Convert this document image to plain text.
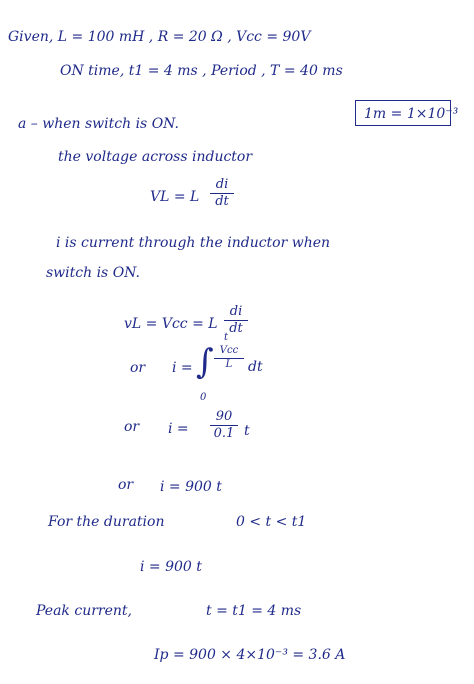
Given, L = 100 mH , R = 20 Ω , Vcc = 90V
ON time, t1 = 4 ms , Period , T = 40 ms
1m = 1×10⁻³
a – when switch is ON.
the voltage across inductor
VL = L
di
dt
i is current through the inductor when
switch is ON.
vL = Vcc = L
di
dt
or i =
t
∫
0
Vcc
L	dt
or i =
90
0.1 t
or i = 900 t
For the duration	0 < t < t1
i = 900 t
Peak current,	t = t1 = 4 ms
Ip = 900 × 4×10⁻³ = 3.6 A
